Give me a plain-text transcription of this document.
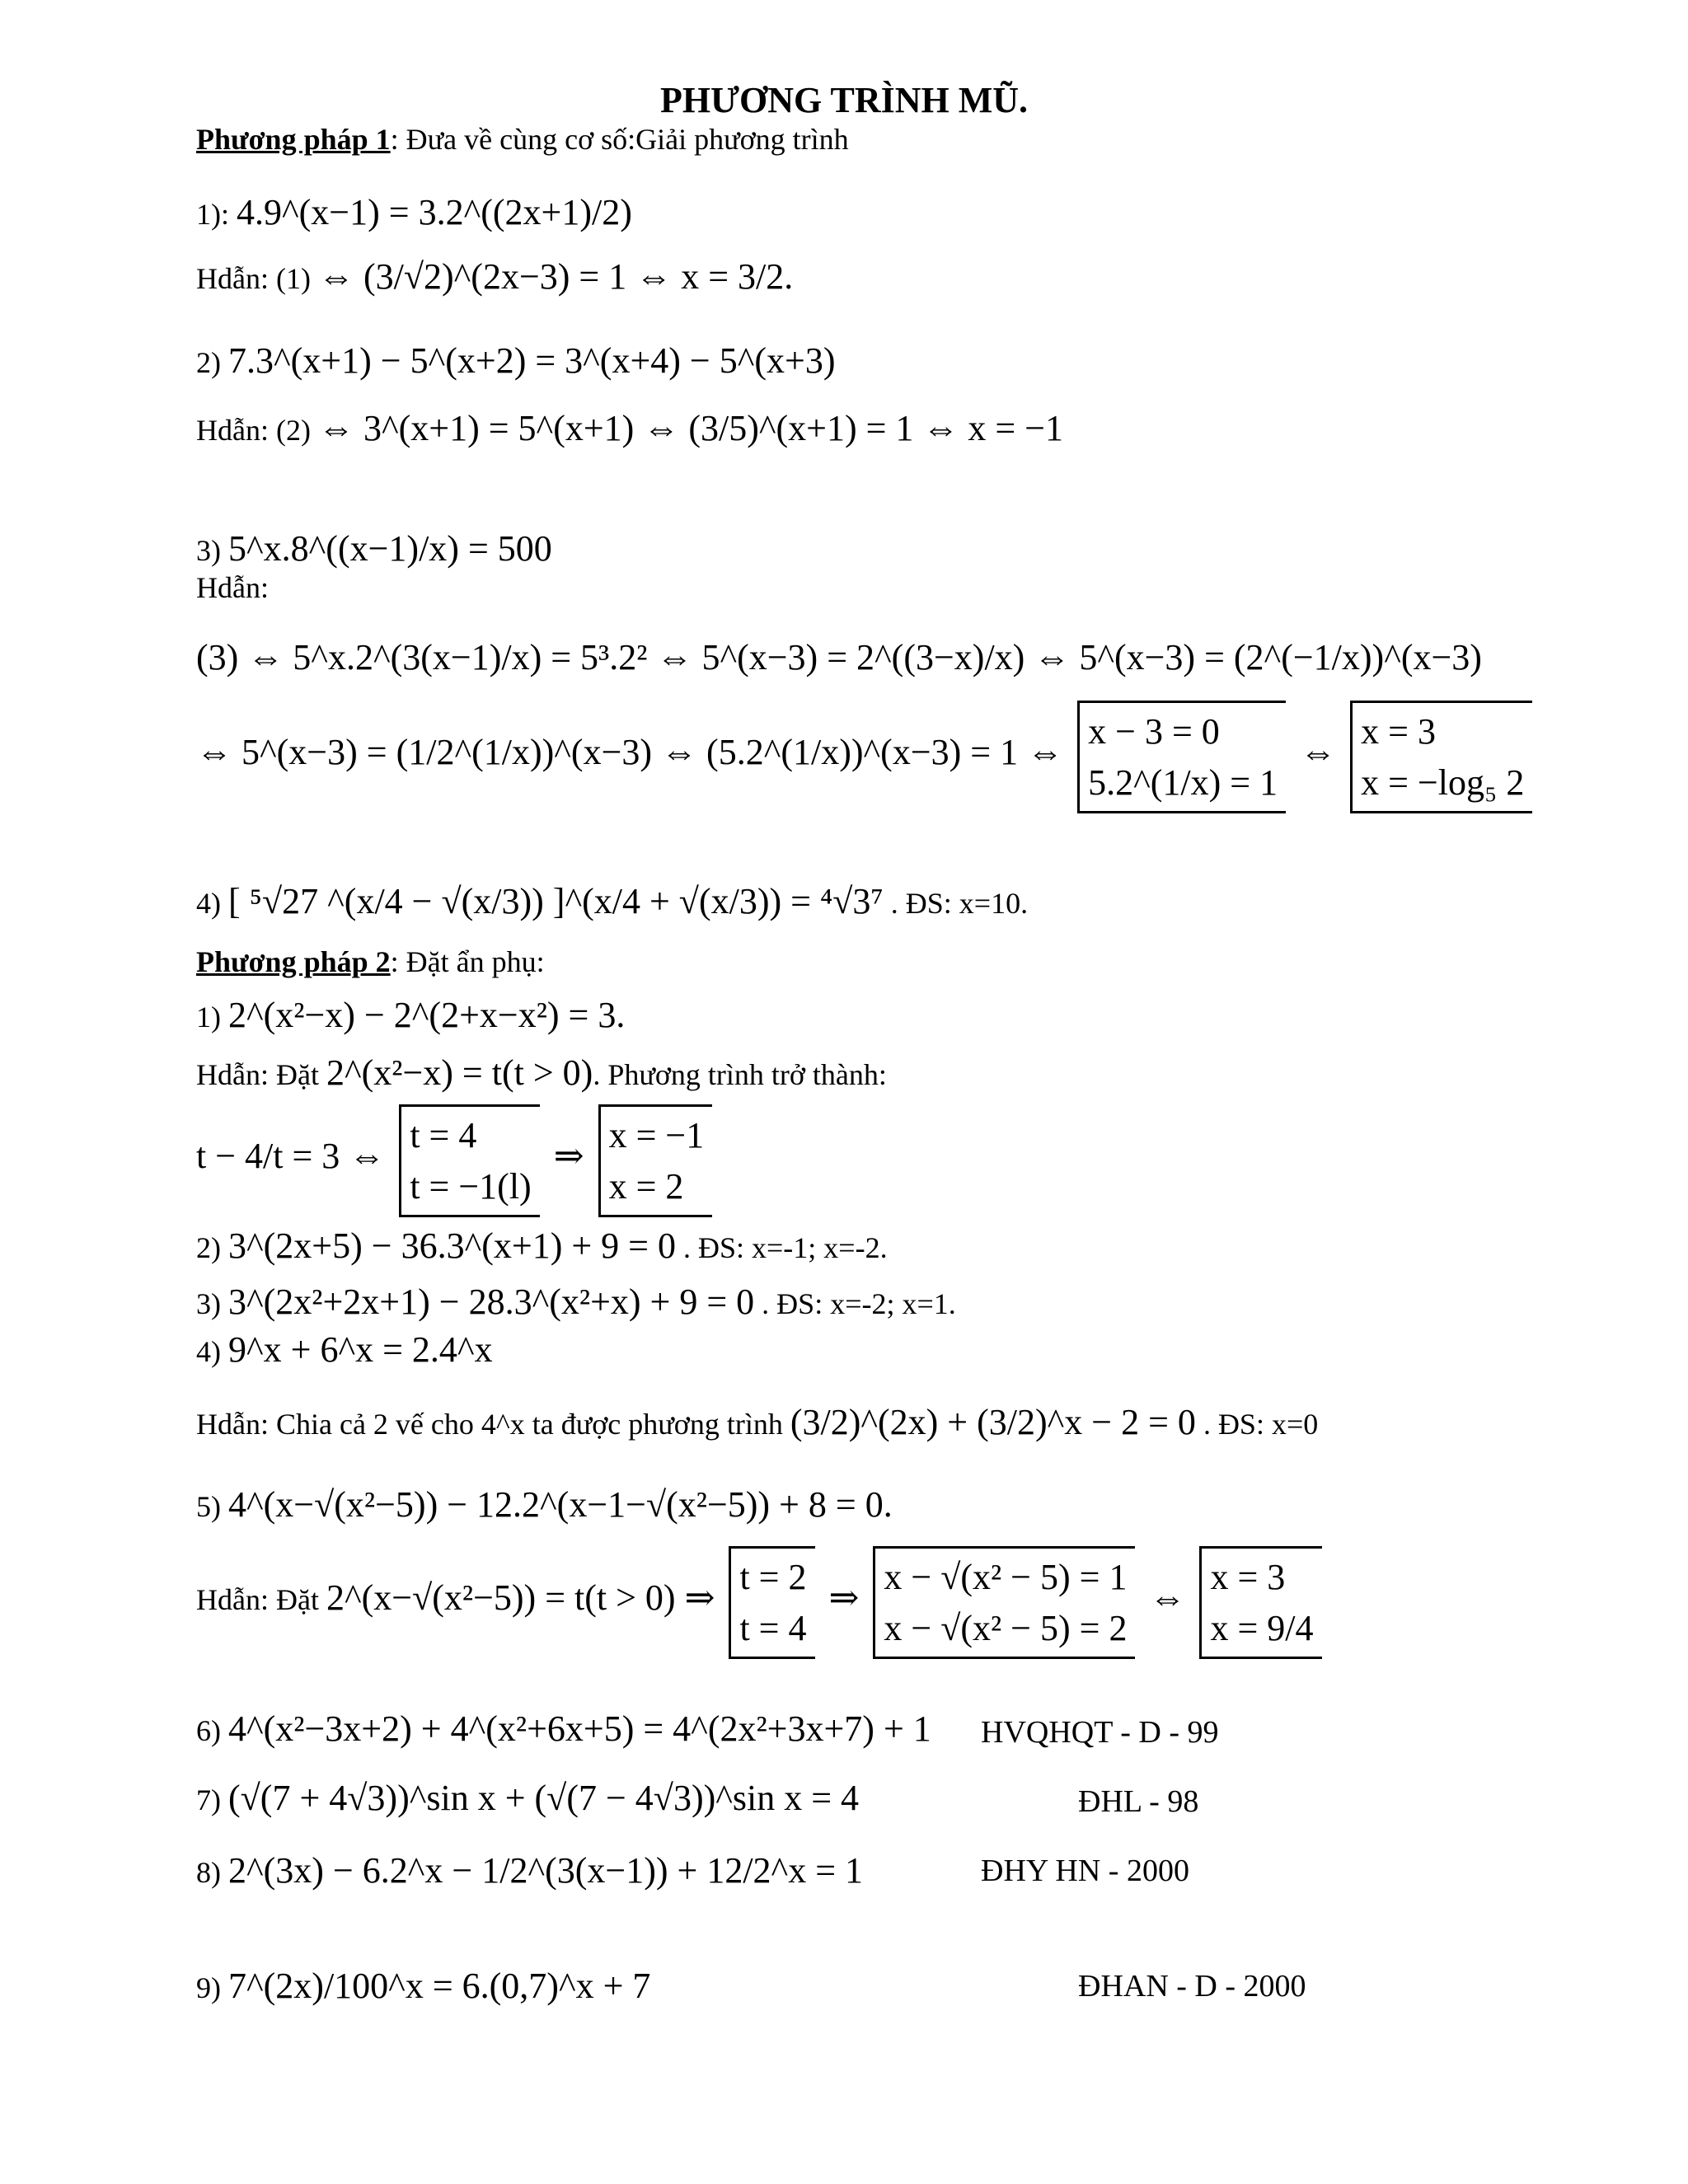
PHƯƠNG TRÌNH MŨ.
Phương pháp 1: Đưa về cùng cơ số:Giải phương trình
1): 4.9^(x−1) = 3.2^((2x+1)/2)
Hdẫn: (1) ⇔ (3/√2)^(2x−3) = 1 ⇔ x = 3/2.
2) 7.3^(x+1) − 5^(x+2) = 3^(x+4) − 5^(x+3)
Hdẫn: (2) ⇔ 3^(x+1) = 5^(x+1) ⇔ (3/5)^(x+1) = 1 ⇔ x = −1
3) 5^x.8^((x−1)/x) = 500
Hdẫn:
(3) ⇔ 5^x.2^(3(x−1)/x) = 5³.2² ⇔ 5^(x−3) = 2^((3−x)/x) ⇔ 5^(x−3) = (2^(−1/x))^(x−3)
⇔ 5^(x−3) = (1/2^(1/x))^(x−3) ⇔ (5.2^(1/x))^(x−3) = 1 ⇔
x − 3 = 0
5.2^(1/x) = 1
⇔
x = 3
x = −log₅ 2
4) [ ⁵√27 ^(x/4 − √(x/3)) ]^(x/4 + √(x/3)) = ⁴√3⁷ . ĐS: x=10.
Phương pháp 2: Đặt ẩn phụ:
1) 2^(x²−x) − 2^(2+x−x²) = 3.
Hdẫn: Đặt 2^(x²−x) = t(t > 0). Phương trình trở thành:
t − 4/t = 3 ⇔
t = 4
t = −1(l)
⇒
x = −1
x = 2
2) 3^(2x+5) − 36.3^(x+1) + 9 = 0 . ĐS: x=-1; x=-2.
3) 3^(2x²+2x+1) − 28.3^(x²+x) + 9 = 0 . ĐS: x=-2; x=1.
4) 9^x + 6^x = 2.4^x
Hdẫn: Chia cả 2 vế cho 4^x ta được phương trình (3/2)^(2x) + (3/2)^x − 2 = 0 . ĐS: x=0
5) 4^(x−√(x²−5)) − 12.2^(x−1−√(x²−5)) + 8 = 0.
Hdẫn: Đặt 2^(x−√(x²−5)) = t(t > 0) ⇒
t = 2
t = 4
⇒
x − √(x² − 5) = 1
x − √(x² − 5) = 2
⇔
x = 3
x = 9/4
6) 4^(x²−3x+2) + 4^(x²+6x+5) = 4^(2x²+3x+7) + 1 HVQHQT - D - 99
7) (√(7 + 4√3))^sin x + (√(7 − 4√3))^sin x = 4	ĐHL - 98
8) 2^(3x) − 6.2^x − 1/2^(3(x−1)) + 12/2^x = 1	ĐHY HN - 2000
9) 7^(2x)/100^x = 6.(0,7)^x + 7	ĐHAN - D - 2000
